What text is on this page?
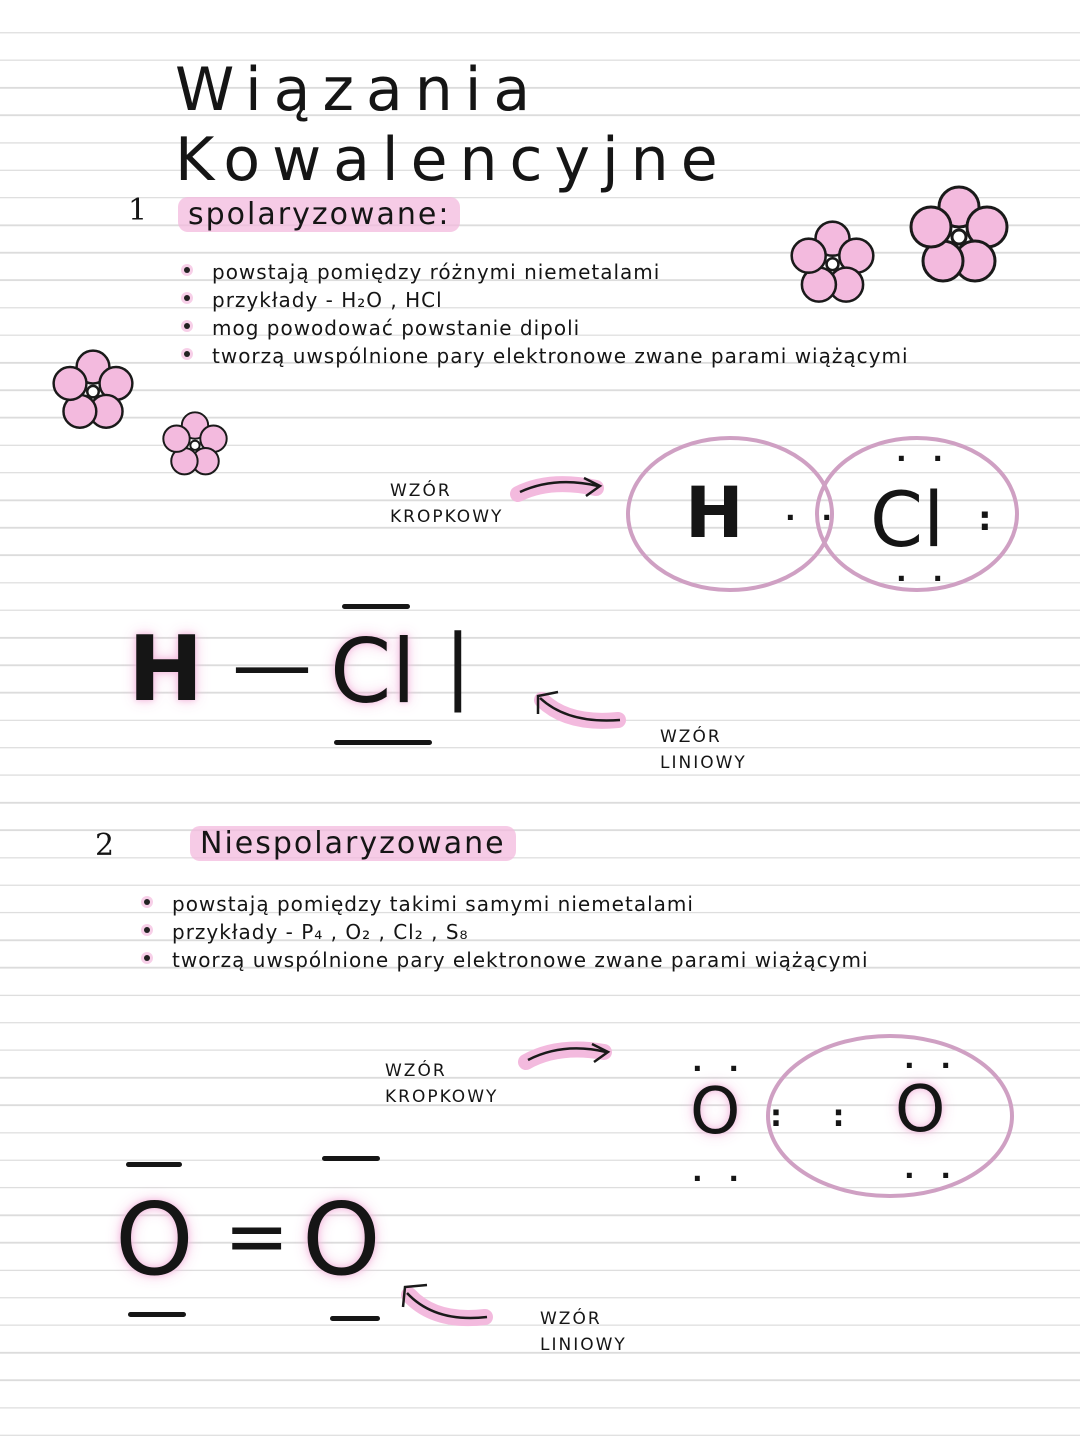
Wiązania Kowalencyjne
1	spolaryzowane:
powstają pomiędzy różnymi niemetalami
przykłady - H₂O , HCl
mog powodować powstanie dipoli
tworzą uwspólnione pary elektronowe zwane parami wiążącymi
WZÓR
KROPKOWY	H · · Cl
· ·
:
· ·
H — Cl |
WZÓR
LINIOWY
2	Niespolaryzowane
powstają pomiędzy takimi samymi niemetalami
przykłady - P₄ , O₂ , Cl₂ , S₈
tworzą uwspólnione pary elektronowe zwane parami wiążącymi
WZÓR
KROPKOWY
· ·
O
· ·
: :
· ·
O
· ·
O = O
WZÓR
LINIOWY
